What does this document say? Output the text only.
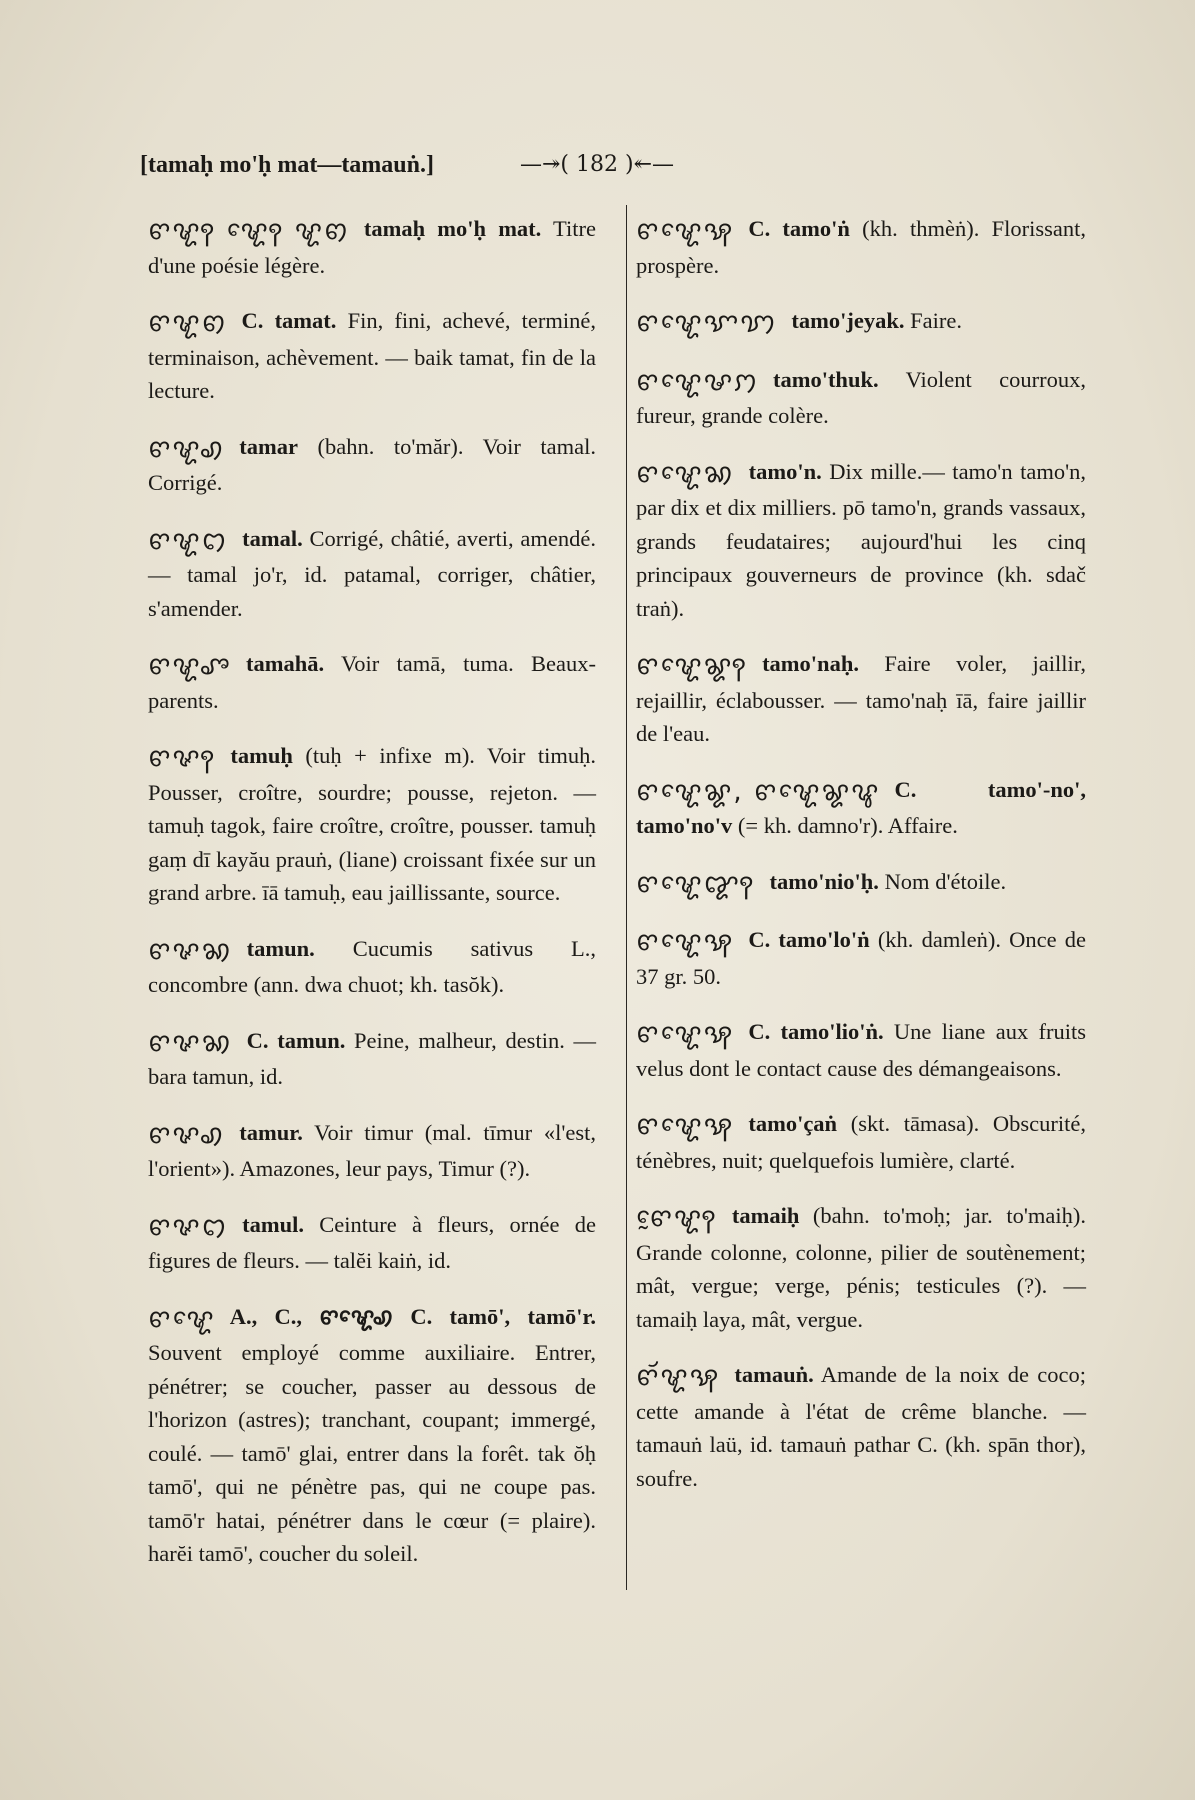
[tamaḥ mo'ḥ mat—tamauṅ.]	—↠( 182 )↞—
ꨓꨠꩍ ꨠꨯꩍ ꨠꩅ tamaḥ mo'ḥ mat. Titre d'une poésie légère.
ꨓꨠꩅ C. tamat. Fin, fini, achevé, terminé, terminaison, achèvement. — baik tamat, fin de la lecture.
ꨓꨠꩉ tamar (bahn. to'măr). Voir tamal. Corrigé.
ꨓꨠꩊ tamal. Corrigé, châtié, averti, amendé. — tamal jo'r, id. patamal, corriger, châtier, s'amender.
ꨓꨠꨨ tamahā. Voir tamā, tuma. Beaux-parents.
ꨓꨟꩍ tamuḥ (tuḥ + infixe m). Voir timuḥ. Pousser, croître, sourdre; pousse, rejeton. — tamuḥ tagok, faire croître, croître, pousser. tamuḥ gaṃ dī kayău prauṅ, (liane) croissant fixée sur un grand arbre. īā tamuḥ, eau jaillissante, source.
ꨓꨟꩆ tamun. Cucumis sativus L., concombre (ann. dwa chuot; kh. tasŏk).
ꨓꨟꩆ C. tamun. Peine, malheur, destin. — bara tamun, id.
ꨓꨟꩉ tamur. Voir timur (mal. tīmur «l'est, l'orient»). Amazones, leur pays, Timur (?).
ꨓꨟꩊ tamul. Ceinture à fleurs, ornée de figures de fleurs. — talĕi kaiṅ, id.
ꨓꨠꨯ A., C., ꨓꨠꨯꩉ C. tamō', tamō'r. Souvent employé comme auxiliaire. Entrer, pénétrer; se coucher, passer au dessous de l'horizon (astres); tranchant, coupant; immergé, coulé. — tamō' glai, entrer dans la forêt. tak ŏḥ tamō', qui ne pénètre pas, qui ne coupe pas. tamō'r hatai, pénétrer dans le cœur (= plaire). harĕi tamō', coucher du soleil.
ꨓꨠꨯꩂ C. tamo'ṅ (kh. thmèṅ). Florissant, prospère.
ꨓꨠꨯꨎꩈ tamo'jeyak. Faire.
ꨓꨠꨯꨔꩀ tamo'thuk. Violent courroux, fureur, grande colère.
ꨓꨠꨯꩆ tamo'n. Dix mille.— tamo'n tamo'n, par dix et dix milliers. pō tamo'n, grands vassaux, grands feudataires; aujourd'hui les cinq principaux gouverneurs de province (kh. sdač traṅ).
ꨓꨠꨯꨘꩍ tamo'naḥ. Faire voler, jaillir, rejaillir, éclabousser. — tamo'naḥ īā, faire jaillir de l'eau.
ꨓꨠꨯꨘ, ꨓꨠꨯꨘꨥ C. tamo'-no', tamo'no'v (= kh. damno'r). Affaire.
ꨓꨠꨯꨑꩍ tamo'nio'ḥ. Nom d'étoile.
ꨓꨠꨯꩂ C. tamo'lo'ṅ (kh. damleṅ). Once de 37 gr. 50.
ꨓꨠꨯꩂ C. tamo'lio'ṅ. Une liane aux fruits velus dont le contact cause des démangeaisons.
ꨓꨠꨯꩂ tamo'çaṅ (skt. tāmasa). Obscurité, ténèbres, nuit; quelquefois lumière, clarté.
ꨓꨰꨠꩍ tamaiḥ (bahn. to'moḥ; jar. to'maiḥ). Grande colonne, colonne, pilier de soutènement; mât, vergue; verge, pénis; testicules (?). — tamaiḥ laya, mât, vergue.
ꨓꨮꨠꩂ tamauṅ. Amande de la noix de coco; cette amande à l'état de crême blanche. — tamauṅ laü, id. tamauṅ pathar C. (kh. spān thor), soufre.
